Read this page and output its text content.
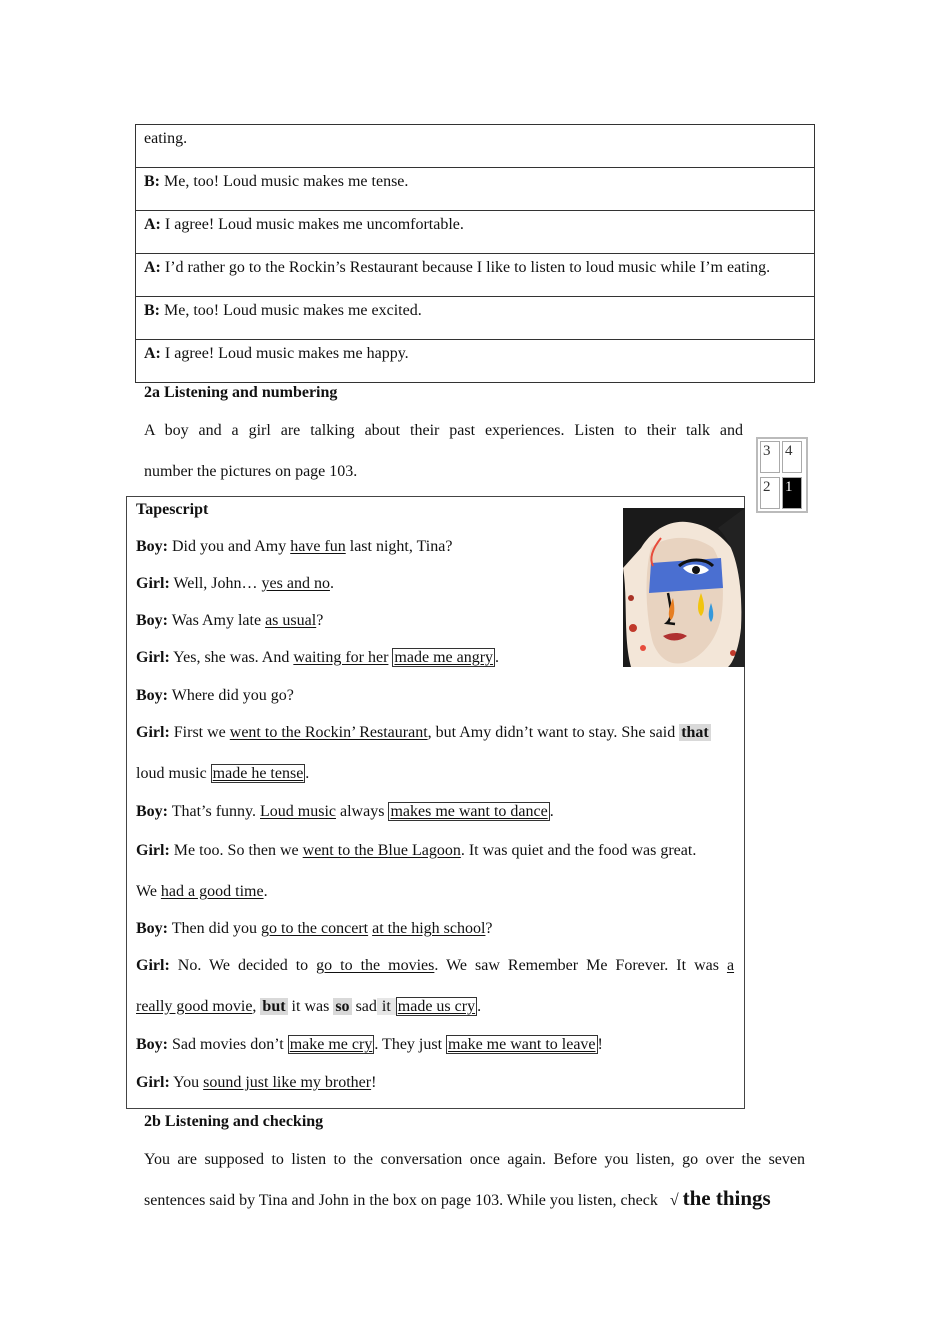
eating.
B: Me, too! Loud music makes me tense.
A: I agree! Loud music makes me uncomfortable.
A: I’d rather go to the Rockin’s Restaurant because I like to listen to loud music while I’m eating.
B: Me, too! Loud music makes me excited.
A: I agree! Loud music makes me happy.
2a Listening and numbering
A boy and a girl are talking about their past experiences. Listen to their talk and
number the pictures on page 103.
3 4
2 1
Tapescript
Boy: Did you and Amy have fun last night, Tina?
Girl: Well, John… yes and no.
Boy: Was Amy late as usual?
Girl: Yes, she was. And waiting for her made me angry .
Boy: Where did you go?
Girl: First we went to the Rockin’ Restaurant, but Amy didn’t want to stay. She said that
loud music made he tense .
Boy: That’s funny. Loud music always makes me want to dance .
Girl: Me too. So then we went to the Blue Lagoon. It was quiet and the food was great.
We had a good time.
Boy: Then did you go to the concert at the high school?
Girl: No. We decided to go to the movies. We saw Remember Me Forever. It was a
really good movie, but it was so sad it made us cry .
Boy: Sad movies don’t make me cry . They just make me want to leave !
Girl: You sound just like my brother!
2b Listening and checking
You are supposed to listen to the conversation once again. Before you listen, go over the seven
sentences said by Tina and John in the box on page 103. While you listen, check √ the things
